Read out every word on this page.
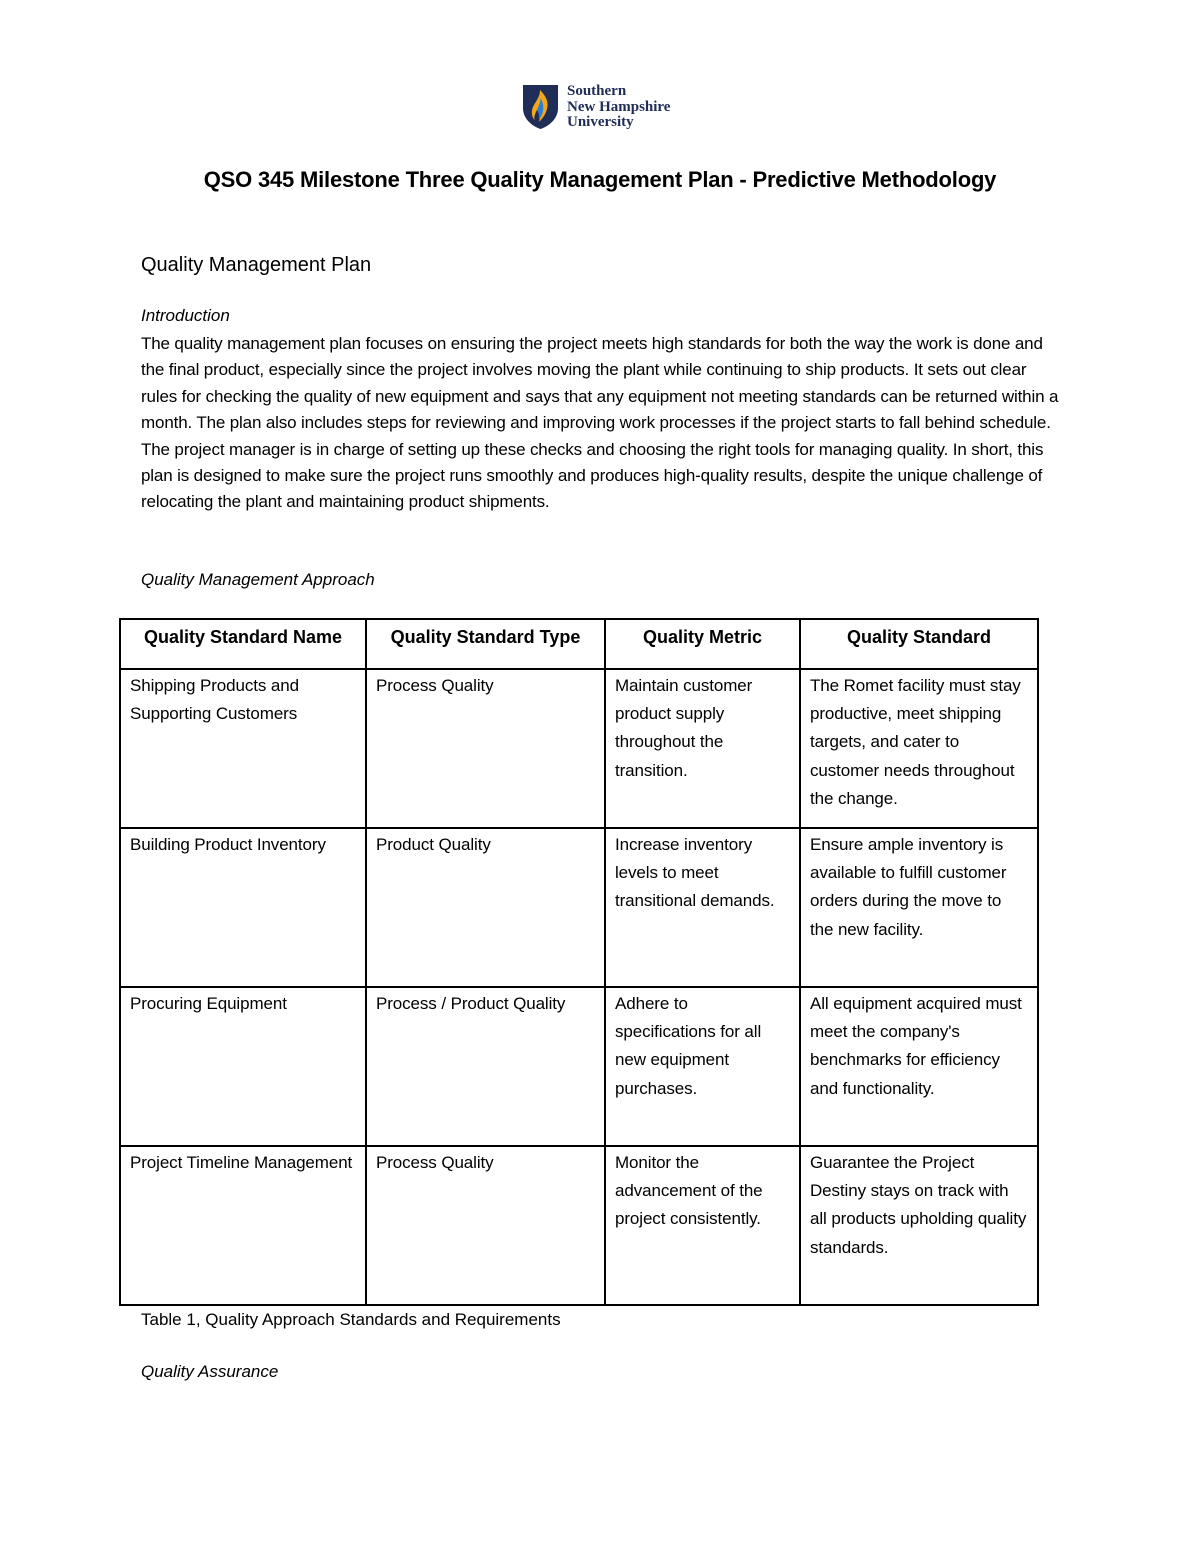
Southern
New Hampshire
University
QSO 345 Milestone Three Quality Management Plan - Predictive Methodology
Quality Management Plan
Introduction
The quality management plan focuses on ensuring the project meets high standards for both the way the work is done and the final product, especially since the project involves moving the plant while continuing to ship products. It sets out clear rules for checking the quality of new equipment and says that any equipment not meeting standards can be returned within a month. The plan also includes steps for reviewing and improving work processes if the project starts to fall behind schedule. The project manager is in charge of setting up these checks and choosing the right tools for managing quality. In short, this plan is designed to make sure the project runs smoothly and produces high-quality results, despite the unique challenge of relocating the plant and maintaining product shipments.
Quality Management Approach
Quality Standard Name	Quality Standard Type	Quality Metric	Quality Standard
Shipping Products and Supporting Customers	Process Quality	Maintain customer product supply throughout the transition.	The Romet facility must stay productive, meet shipping targets, and cater to customer needs throughout the change.
Building Product Inventory	Product Quality	Increase inventory levels to meet transitional demands.	Ensure ample inventory is available to fulfill customer orders during the move to the new facility.
Procuring Equipment	Process / Product Quality	Adhere to specifications for all new equipment purchases.	All equipment acquired must meet the company's benchmarks for efficiency and functionality.
Project Timeline Management	Process Quality	Monitor the advancement of the project consistently.	Guarantee the Project Destiny stays on track with all products upholding quality standards.
Table 1, Quality Approach Standards and Requirements
Quality Assurance
